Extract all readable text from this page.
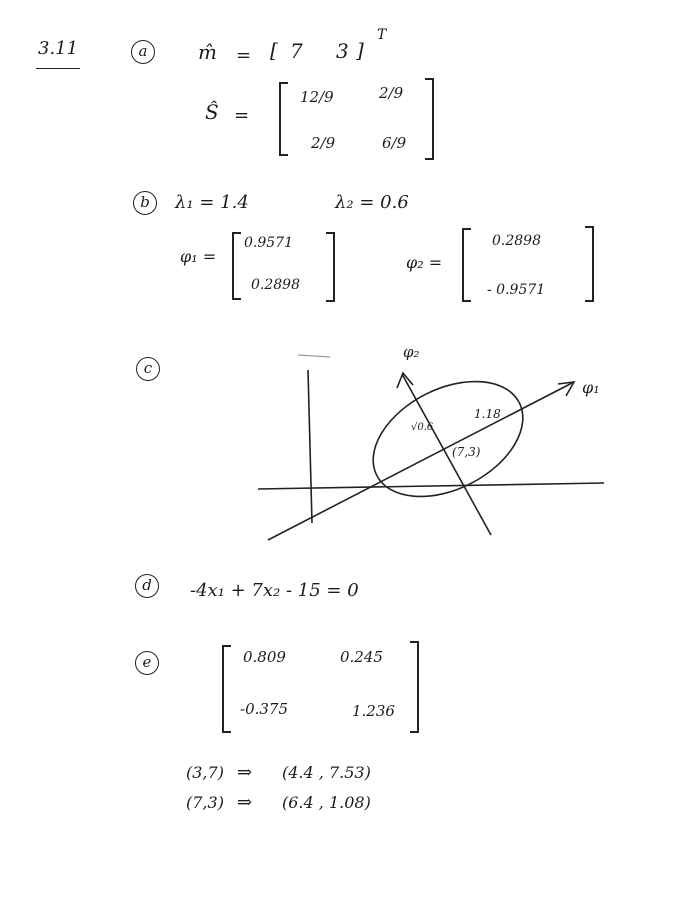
3.11	a	m̂ = [ 7 3 ]
T
Ŝ =
12/9	2/9
2/9	6/9
b	λ₁ = 1.4	λ₂ = 0.6
φ₁ =
0.9571
0.2898
φ₂ =
0.2898
- 0.9571
c
φ₂
φ₁
1.18
√0.6
(7,3)
d	-4x₁ + 7x₂ - 15 = 0
e	0.809	0.245
-0.375	1.236
(3,7) ⇒ (4.4 , 7.53)
(7,3) ⇒ (6.4 , 1.08)
